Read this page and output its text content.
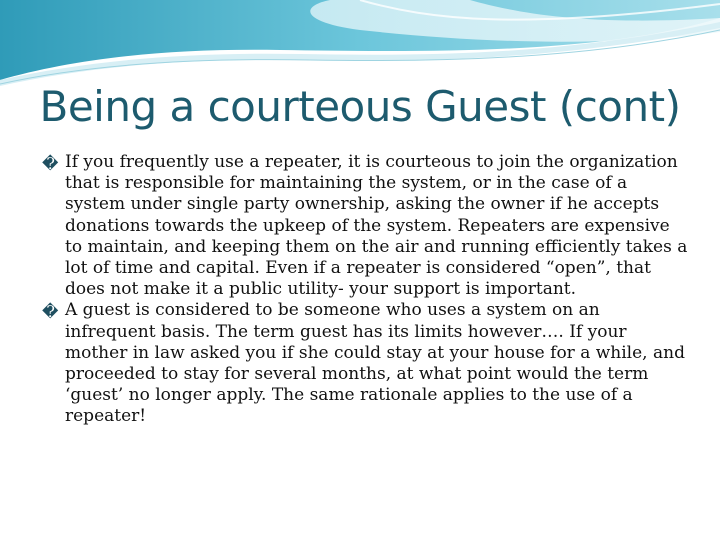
Being a courteous Guest (cont)
� If you frequently use a repeater, it is courteous to join the organization that is responsible for maintaining the system, or in the case of a system under single party ownership, asking the owner if he accepts donations towards the upkeep of the system. Repeaters are expensive to maintain, and keeping them on the air and running efficiently takes a lot of time and capital. Even if a repeater is considered “open”, that does not make it a public utility- your support is important.
� A guest is considered to be someone who uses a system on an infrequent basis. The term guest has its limits however…. If your mother in law asked you if she could stay at your house for a while, and proceeded to stay for several months, at what point would the term ‘guest’ no longer apply. The same rationale applies to the use of a repeater!
